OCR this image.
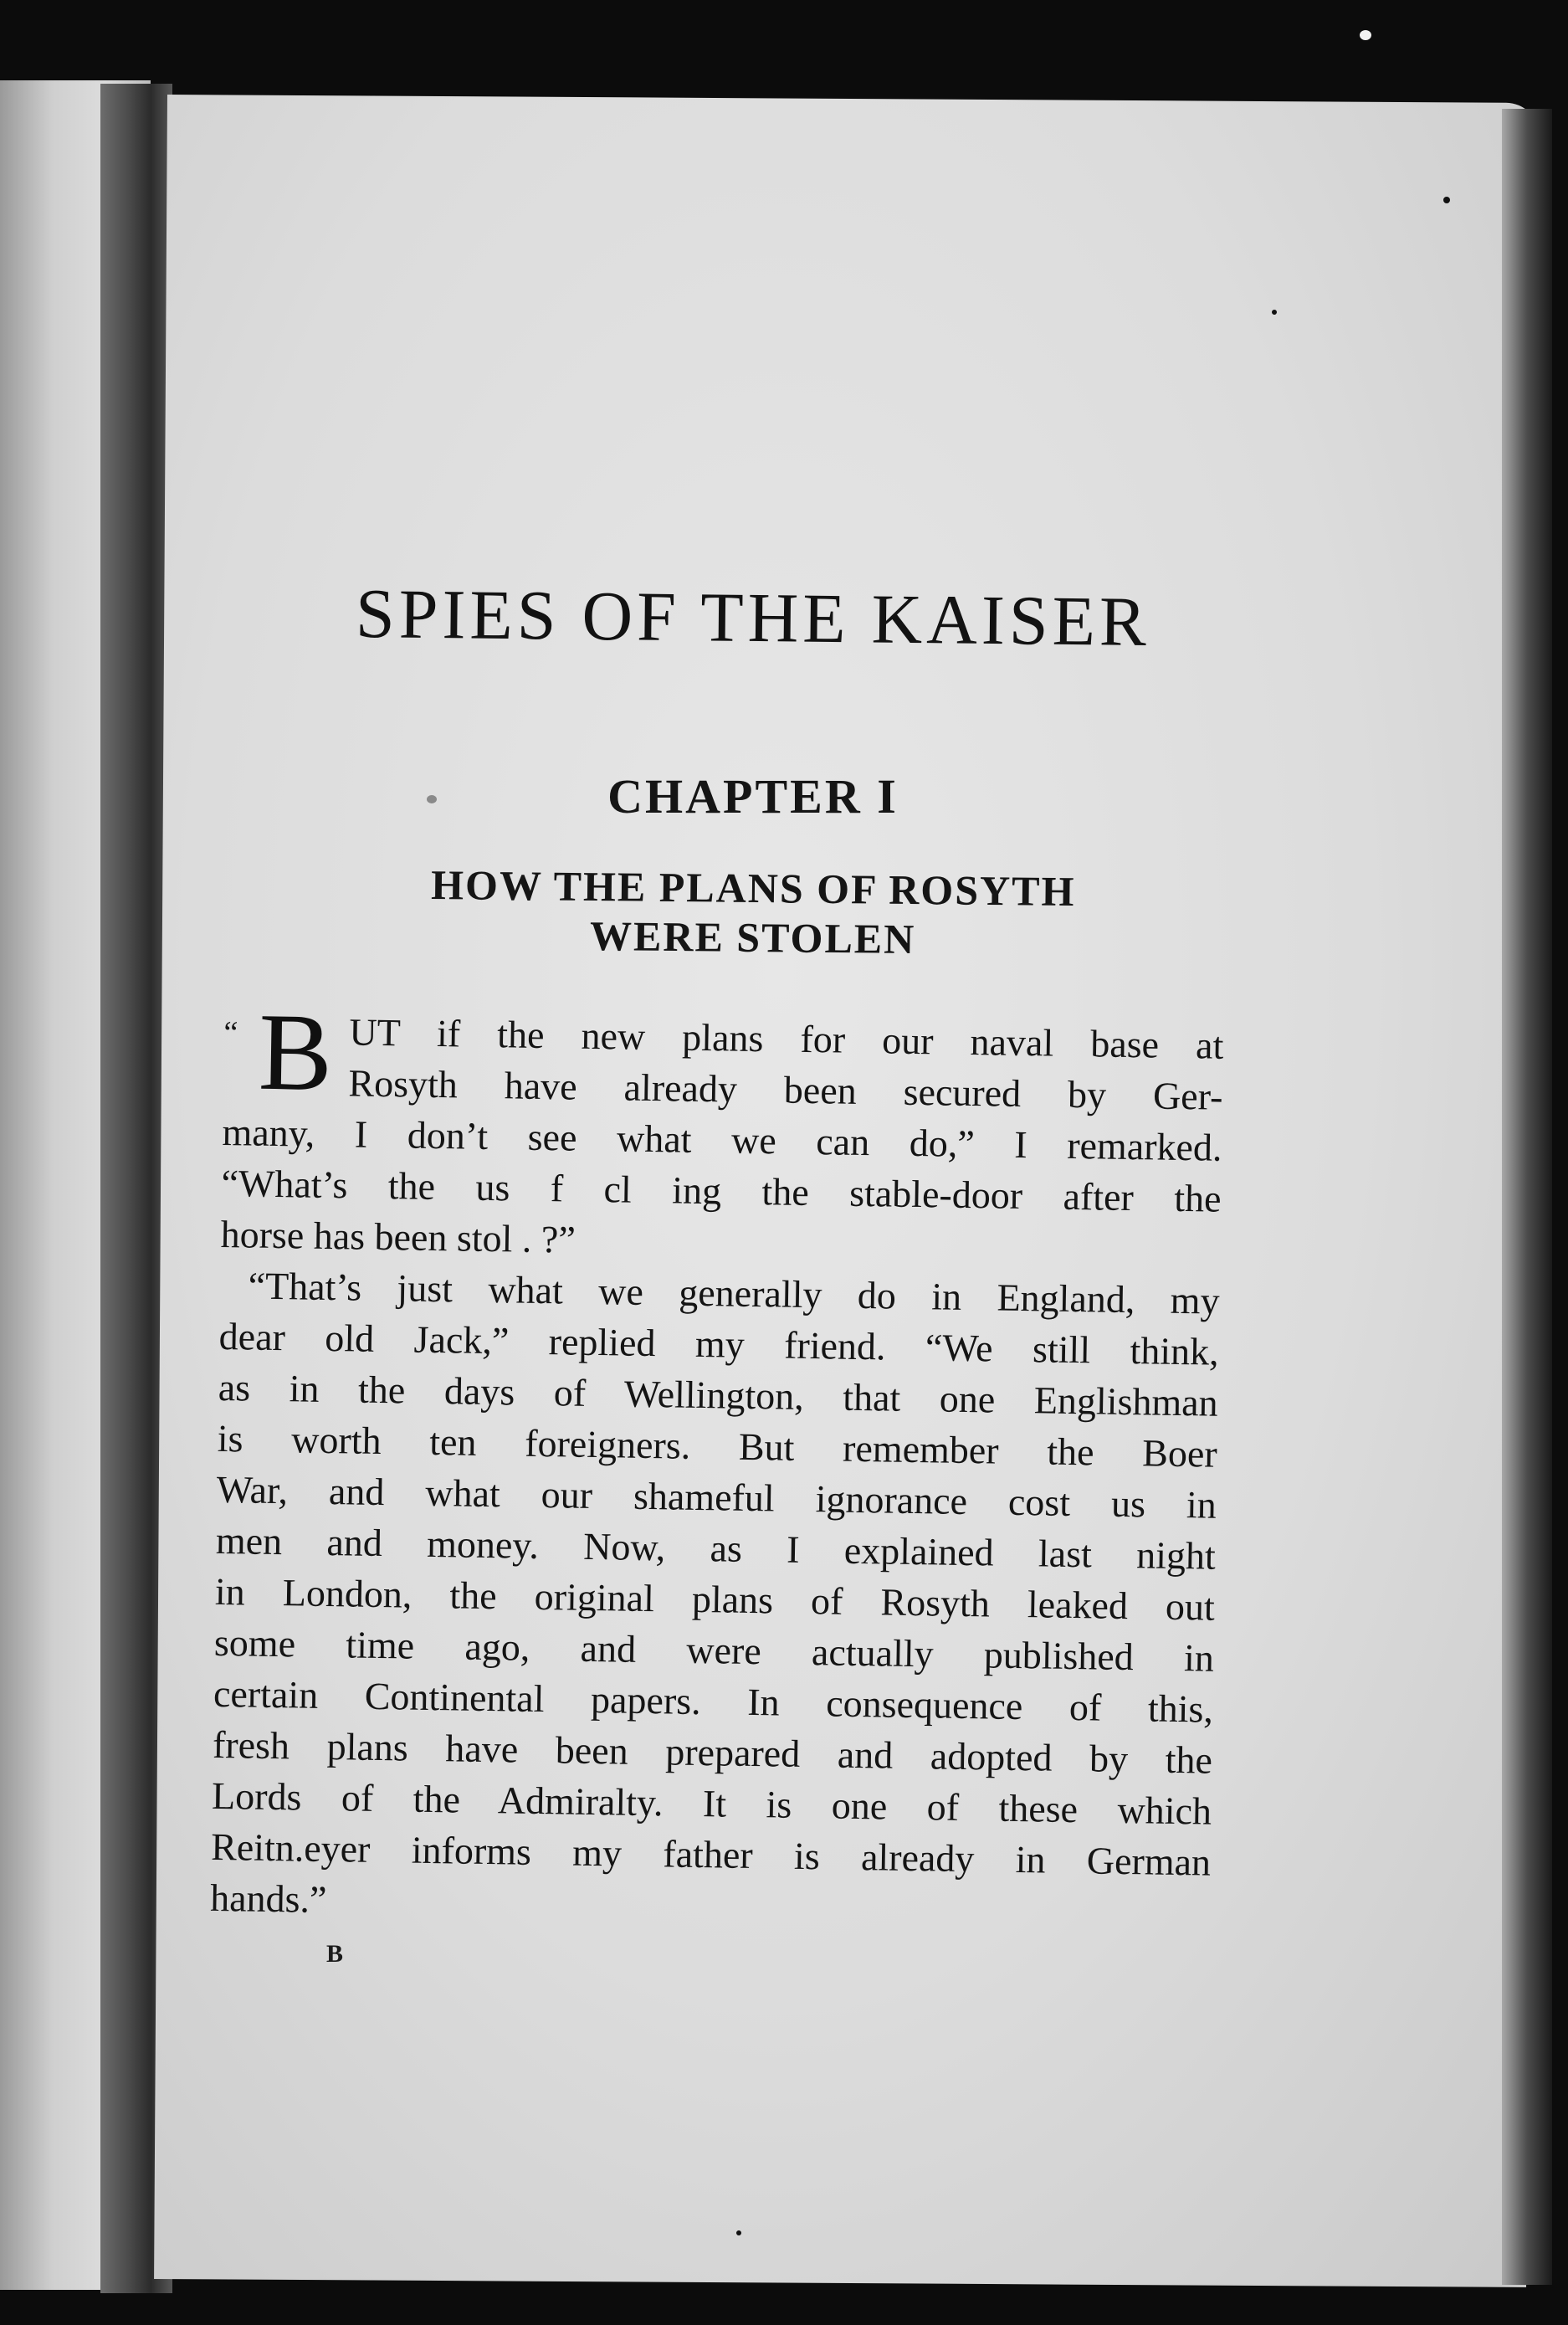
SPIES OF THE KAISER
CHAPTER I
HOW THE PLANS OF ROSYTH
WERE STOLEN
“ B UT if the new plans for our naval base at
Rosyth have already been secured by Ger-
many, I don’t see what we can do,” I remarked.
“What’s the us f cl ing the stable-door after the
horse has been stol . ?”
“That’s just what we generally do in England, my
dear old Jack,” replied my friend. “We still think,
as in the days of Wellington, that one Englishman
is worth ten foreigners. But remember the Boer
War, and what our shameful ignorance cost us in
men and money. Now, as I explained last night
in London, the original plans of Rosyth leaked out
some time ago, and were actually published in
certain Continental papers. In consequence of this,
fresh plans have been prepared and adopted by the
Lords of the Admiralty. It is one of these which
Reitn.eyer informs my father is already in German
hands.”

B
